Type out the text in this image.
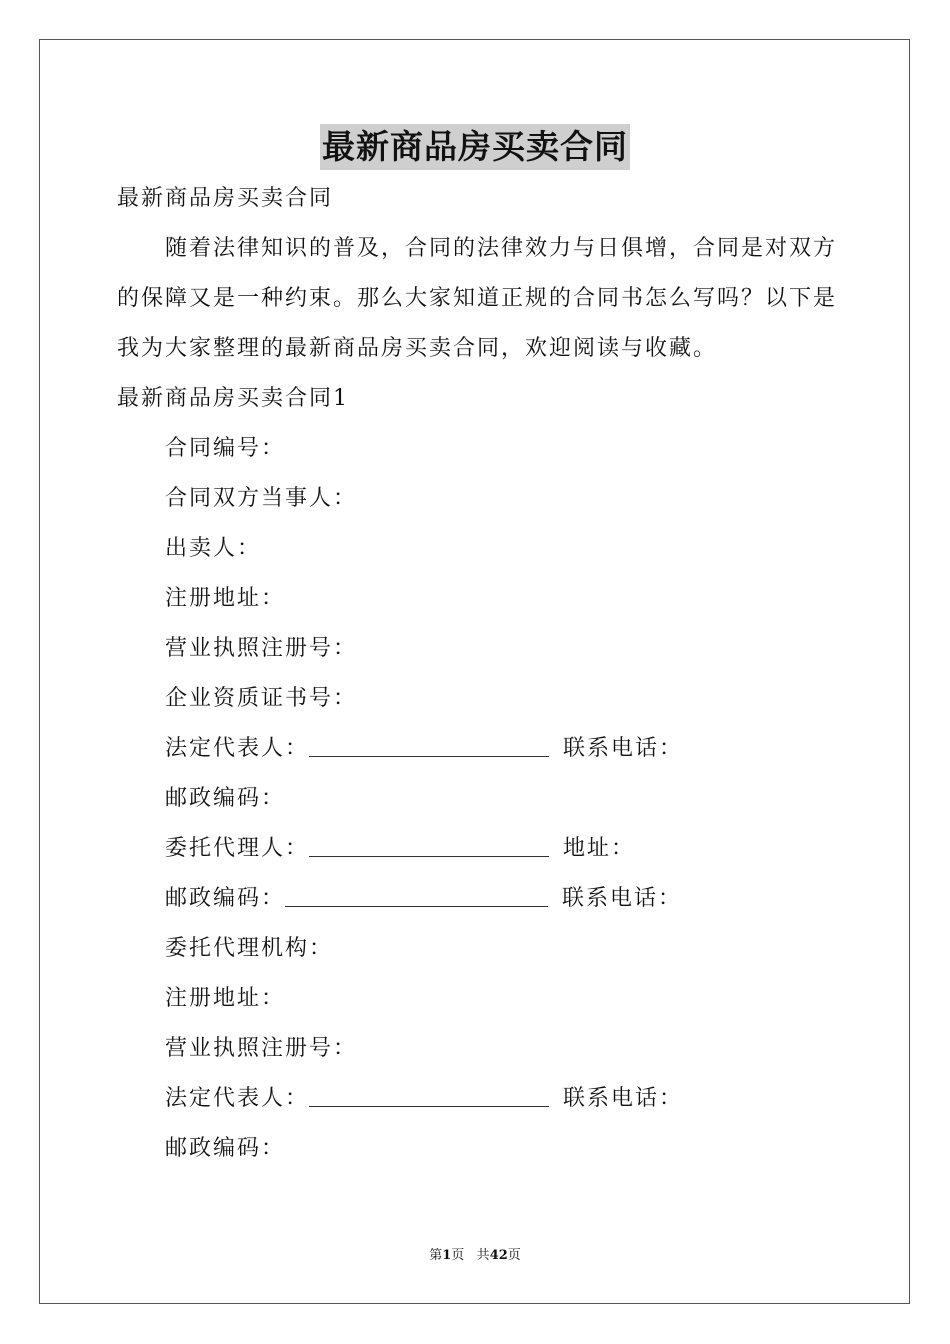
最新商品房买卖合同
最新商品房买卖合同
随着法律知识的普及，合同的法律效力与日俱增，合同是对双方
的保障又是一种约束。那么大家知道正规的合同书怎么写吗？以下是
我为大家整理的最新商品房买卖合同，欢迎阅读与收藏。
最新商品房买卖合同1
合同编号：
合同双方当事人：
出卖人：
注册地址：
营业执照注册号：
企业资质证书号：
法定代表人：	联系电话：
邮政编码：
委托代理人：	地址：
邮政编码：	联系电话：
委托代理机构：
注册地址：
营业执照注册号：
法定代表人：	联系电话：
邮政编码：
第1页 共42页
